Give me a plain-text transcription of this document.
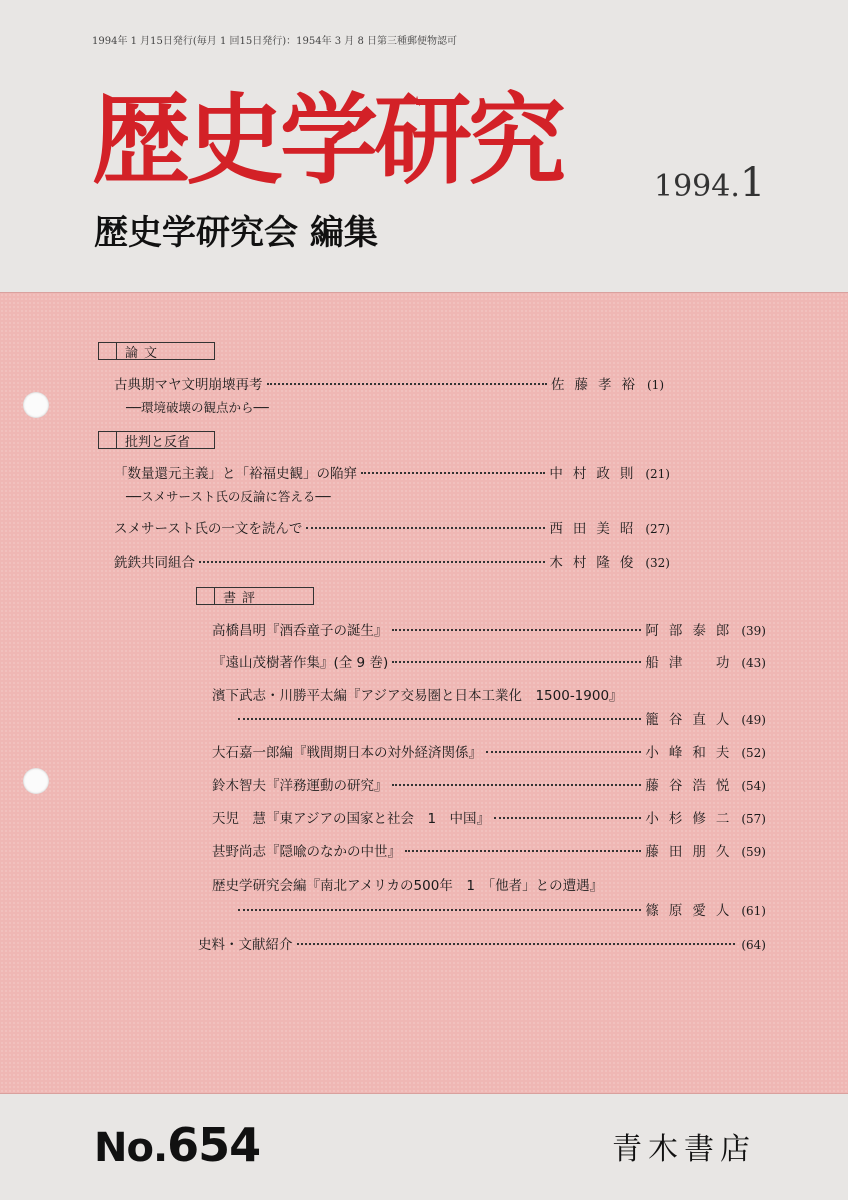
1994年 1 月15日発行(毎月 1 回15日発行)：1954年 3 月 8 日第三種郵便物認可
歴史学研究	1994.1
歴史学研究会 編集
論文
批判と反省
書評
古典期マヤ文明崩壊再考	佐藤孝裕 (1)
──環境破壊の観点から──
「数量還元主義」と「裕福史観」の陥穽	中村政則 (21)
──スメサースト氏の反論に答える──
スメサースト氏の一文を読んで	西田美昭 (27)
銑鉄共同組合	木村隆俊 (32)
高橋昌明『酒呑童子の誕生』	阿部泰郎 (39)
『遠山茂樹著作集』(全 9 巻)	船津　功 (43)
濱下武志・川勝平太編『アジア交易圏と日本工業化　1500-1900』
籠谷直人 (49)
大石嘉一郎編『戦間期日本の対外経済関係』	小峰和夫 (52)
鈴木智夫『洋務運動の研究』	藤谷浩悦 (54)
天児　慧『東アジアの国家と社会　1　中国』	小杉修二 (57)
甚野尚志『隠喩のなかの中世』	藤田朋久 (59)
歴史学研究会編『南北アメリカの500年　1　「他者」との遭遇』
篠原愛人 (61)
史料・文献紹介	(64)
No.654	青木書店
